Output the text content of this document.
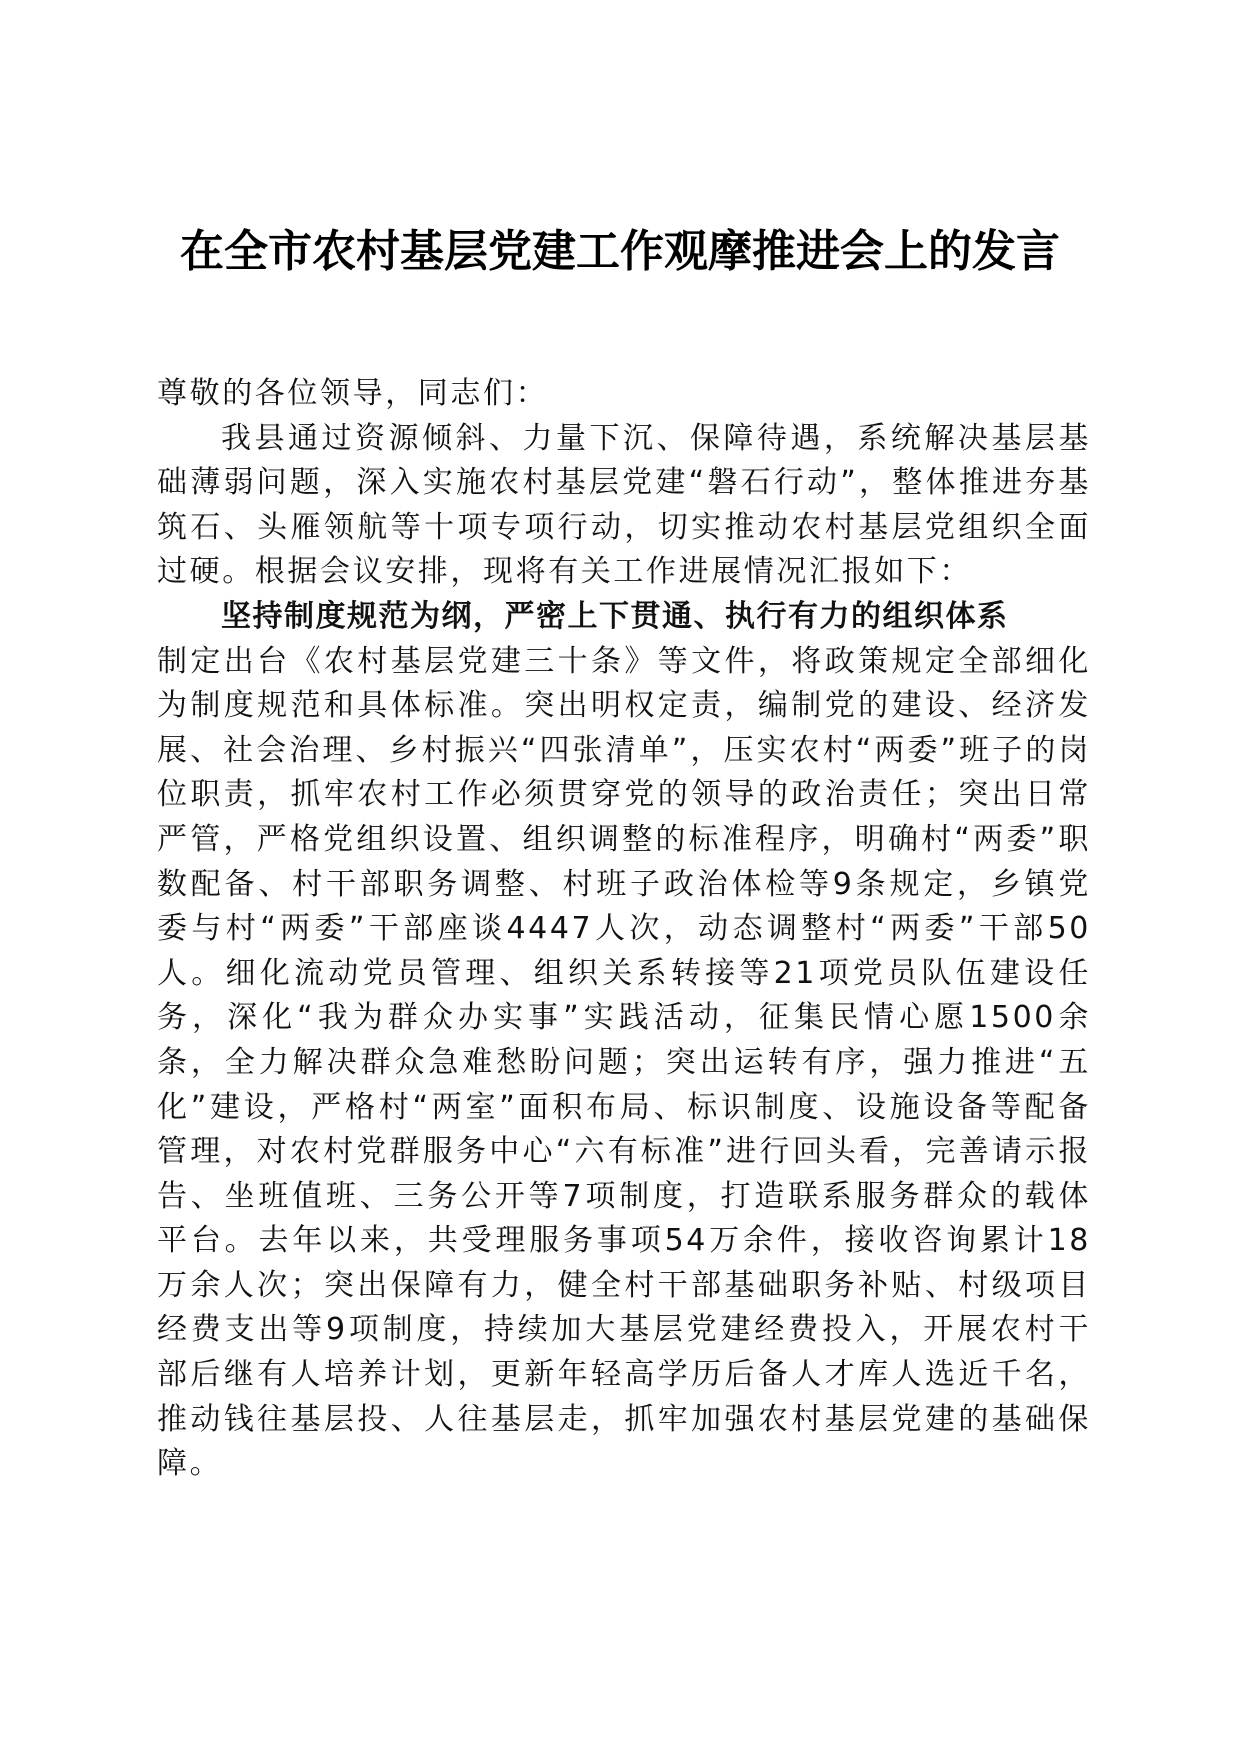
在全市农村基层党建工作观摩推进会上的发言

尊敬的各位领导，同志们：

我县通过资源倾斜、力量下沉、保障待遇，系统解决基层基础薄弱问题，深入实施农村基层党建“磐石行动”，整体推进夯基筑石、头雁领航等十项专项行动，切实推动农村基层党组织全面过硬。根据会议安排，现将有关工作进展情况汇报如下：

坚持制度规范为纲，严密上下贯通、执行有力的组织体系

制定出台《农村基层党建三十条》等文件，将政策规定全部细化为制度规范和具体标准。突出明权定责，编制党的建设、经济发展、社会治理、乡村振兴“四张清单”，压实农村“两委”班子的岗位职责，抓牢农村工作必须贯穿党的领导的政治责任；突出日常严管，严格党组织设置、组织调整的标准程序，明确村“两委”职数配备、村干部职务调整、村班子政治体检等9条规定，乡镇党委与村“两委”干部座谈4447人次，动态调整村“两委”干部50人。细化流动党员管理、组织关系转接等21项党员队伍建设任务，深化“我为群众办实事”实践活动，征集民情心愿1500余条，全力解决群众急难愁盼问题；突出运转有序，强力推进“五化”建设，严格村“两室”面积布局、标识制度、设施设备等配备管理，对农村党群服务中心“六有标准”进行回头看，完善请示报告、坐班值班、三务公开等7项制度，打造联系服务群众的载体平台。去年以来，共受理服务事项54万余件，接收咨询累计18万余人次；突出保障有力，健全村干部基础职务补贴、村级项目经费支出等9项制度，持续加大基层党建经费投入，开展农村干部后继有人培养计划，更新年轻高学历后备人才库人选近千名，推动钱往基层投、人往基层走，抓牢加强农村基层党建的基础保障。
